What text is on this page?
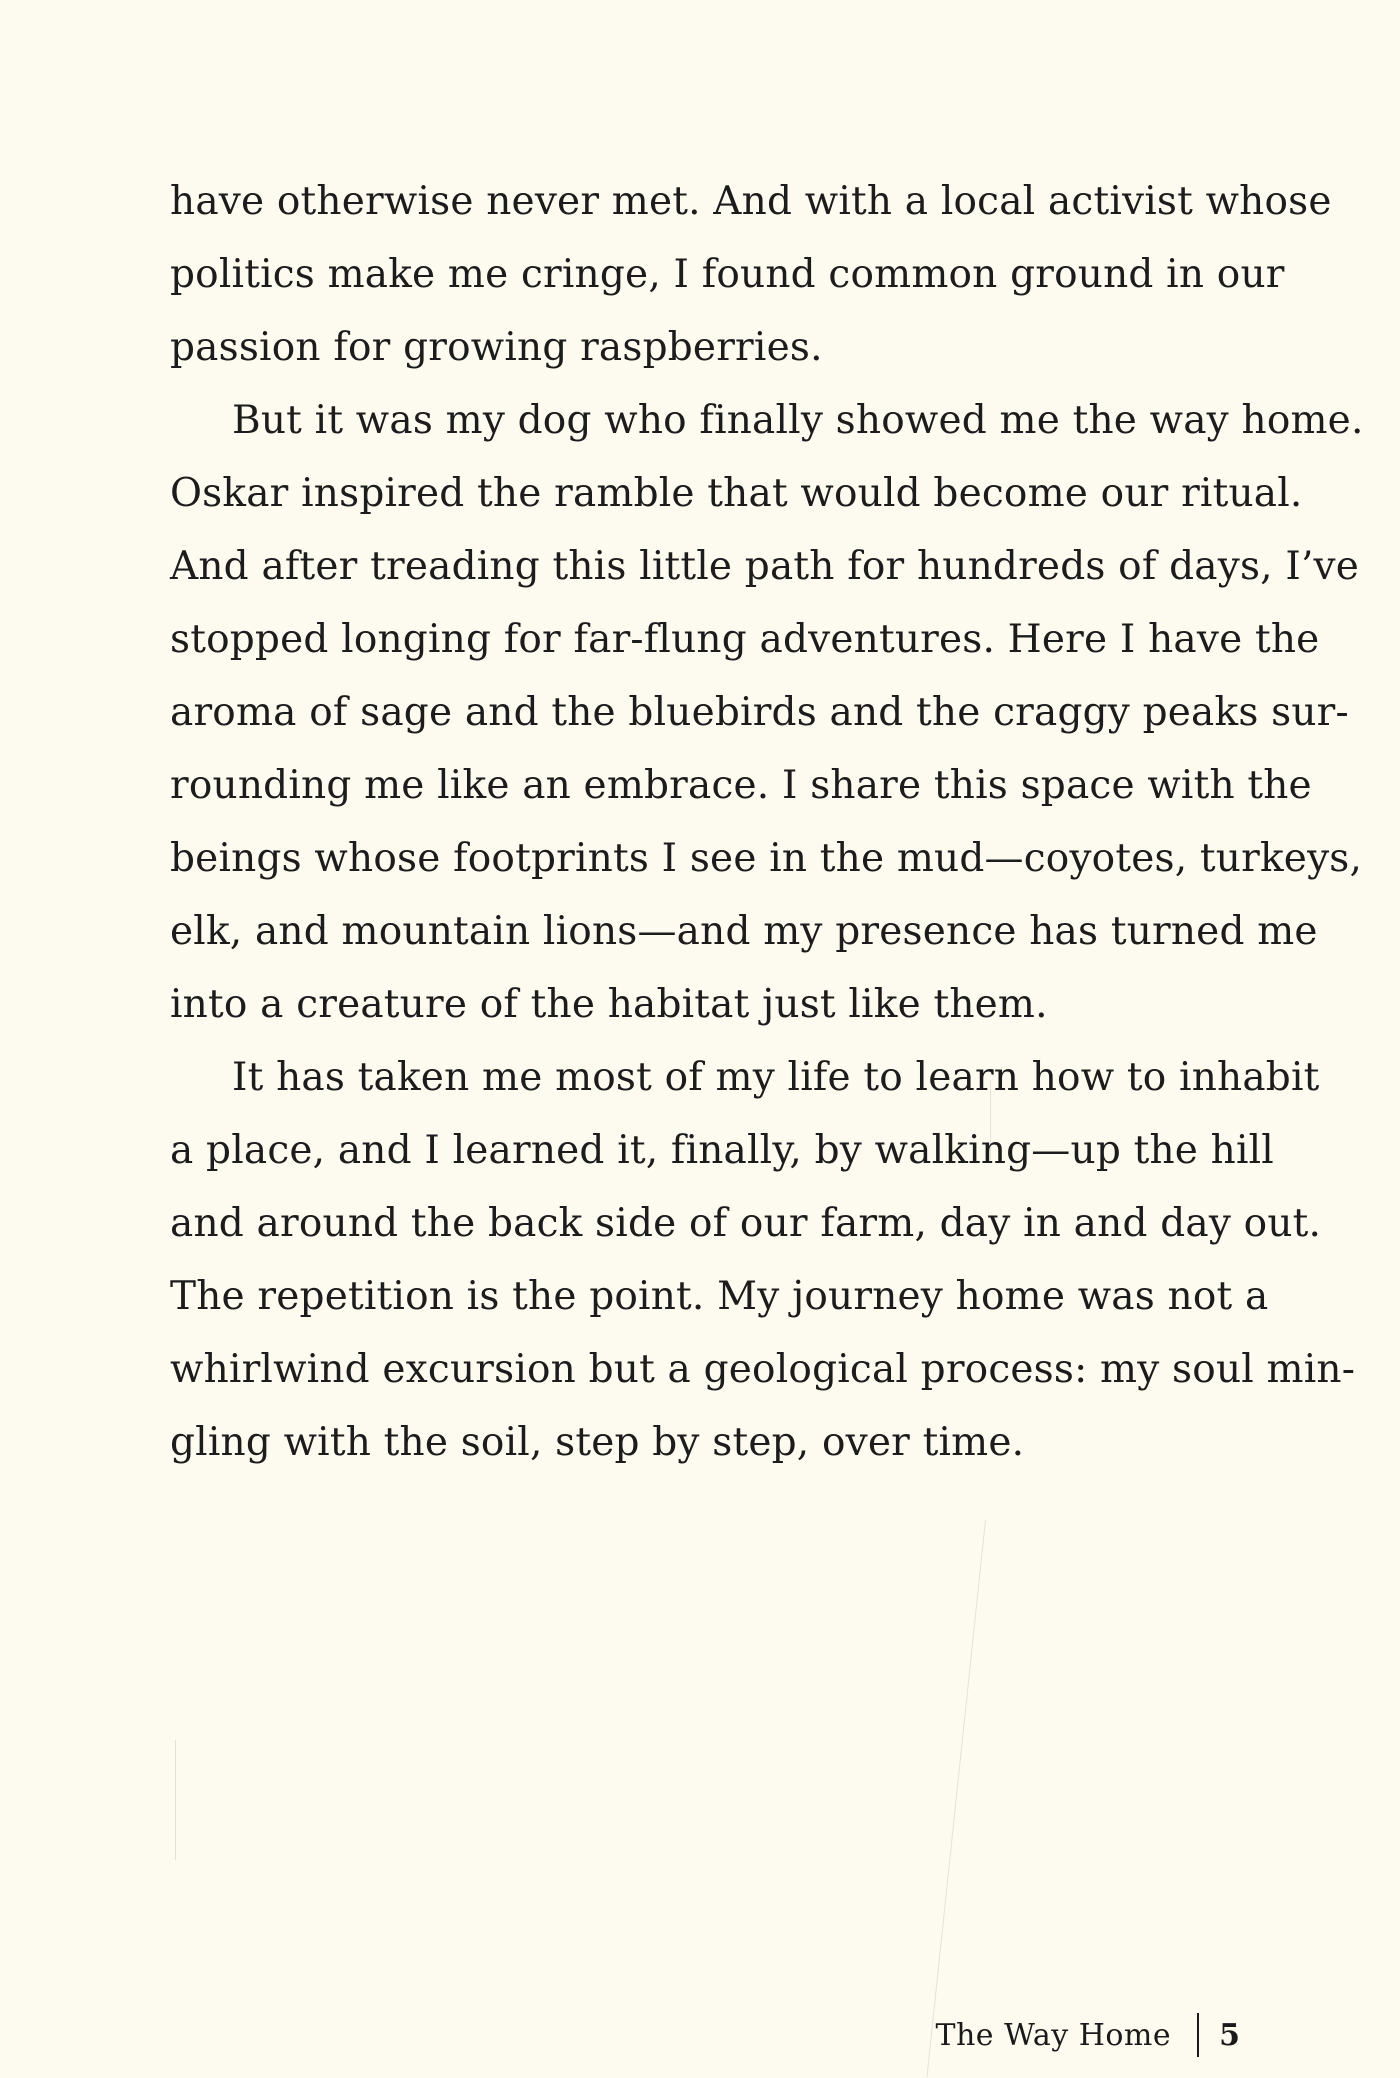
have otherwise never met. And with a local activist whose
politics make me cringe, I found common ground in our
passion for growing raspberries.
But it was my dog who finally showed me the way home.
Oskar inspired the ramble that would become our ritual.
And after treading this little path for hundreds of days, I’ve
stopped longing for far-flung adventures. Here I have the
aroma of sage and the bluebirds and the craggy peaks sur-
rounding me like an embrace. I share this space with the
beings whose footprints I see in the mud—coyotes, turkeys,
elk, and mountain lions—and my presence has turned me
into a creature of the habitat just like them.
It has taken me most of my life to learn how to inhabit
a place, and I learned it, finally, by walking—up the hill
and around the back side of our farm, day in and day out.
The repetition is the point. My journey home was not a
whirlwind excursion but a geological process: my soul min-
gling with the soil, step by step, over time.
The Way Home 5
